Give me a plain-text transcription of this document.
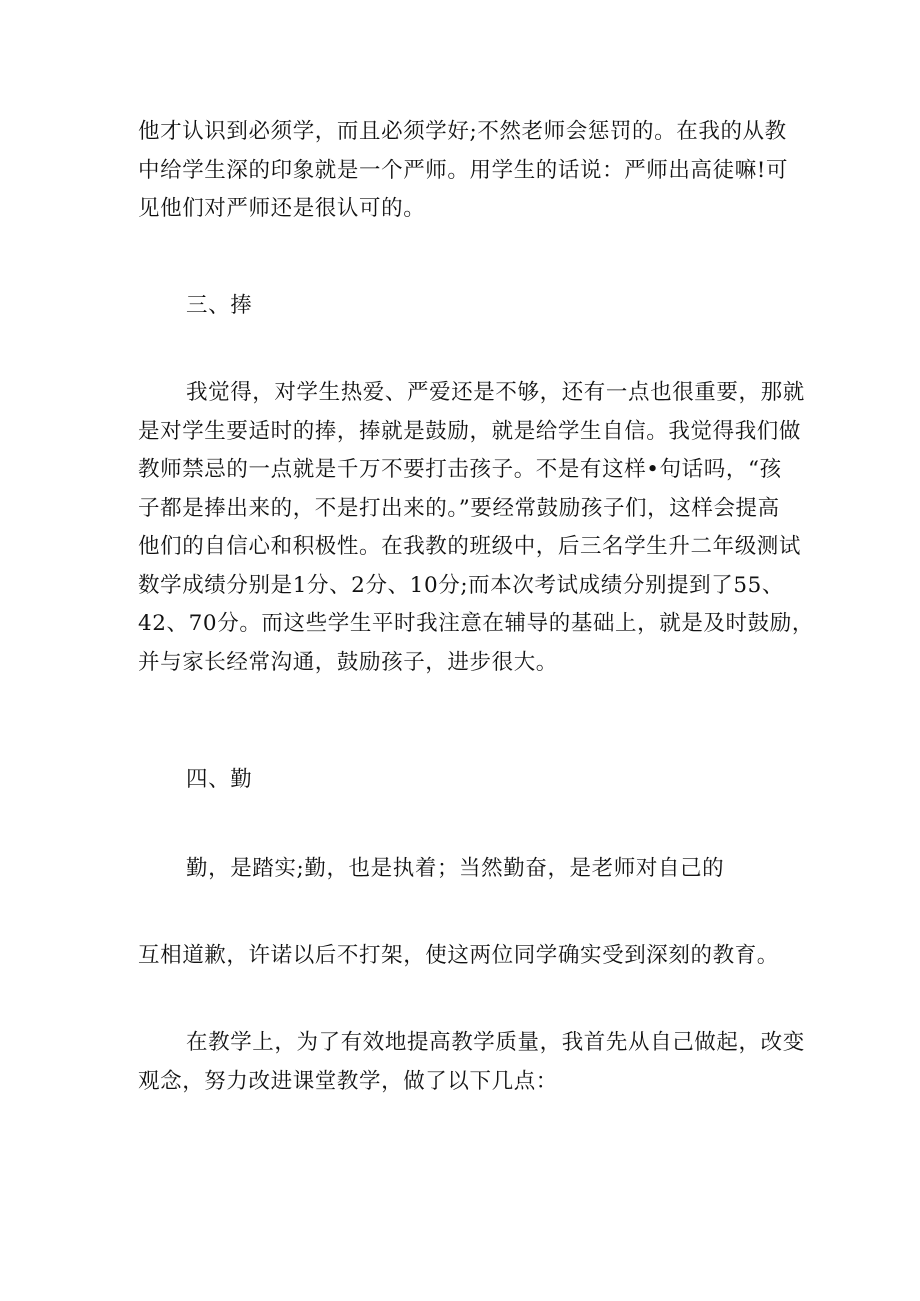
他才认识到必须学，而且必须学好;不然老师会惩罚的。在我的从教
中给学生深的印象就是一个严师。用学生的话说：严师出高徒嘛!可
见他们对严师还是很认可的。
三、捧
我觉得，对学生热爱、严爱还是不够，还有一点也很重要，那就
是对学生要适时的捧，捧就是鼓励，就是给学生自信。我觉得我们做
教师禁忌的一点就是千万不要打击孩子。不是有这样•句话吗，“孩
子都是捧出来的，不是打出来的。”要经常鼓励孩子们，这样会提高
他们的自信心和积极性。在我教的班级中，后三名学生升二年级测试
数学成绩分别是1分、2分、10分;而本次考试成绩分别提到了55、
42、70分。而这些学生平时我注意在辅导的基础上，就是及时鼓励，
并与家长经常沟通，鼓励孩子，进步很大。
四、勤
勤，是踏实;勤，也是执着；当然勤奋，是老师对自己的
互相道歉，许诺以后不打架，使这两位同学确实受到深刻的教育。
在教学上，为了有效地提高教学质量，我首先从自己做起，改变
观念，努力改进课堂教学，做了以下几点：
